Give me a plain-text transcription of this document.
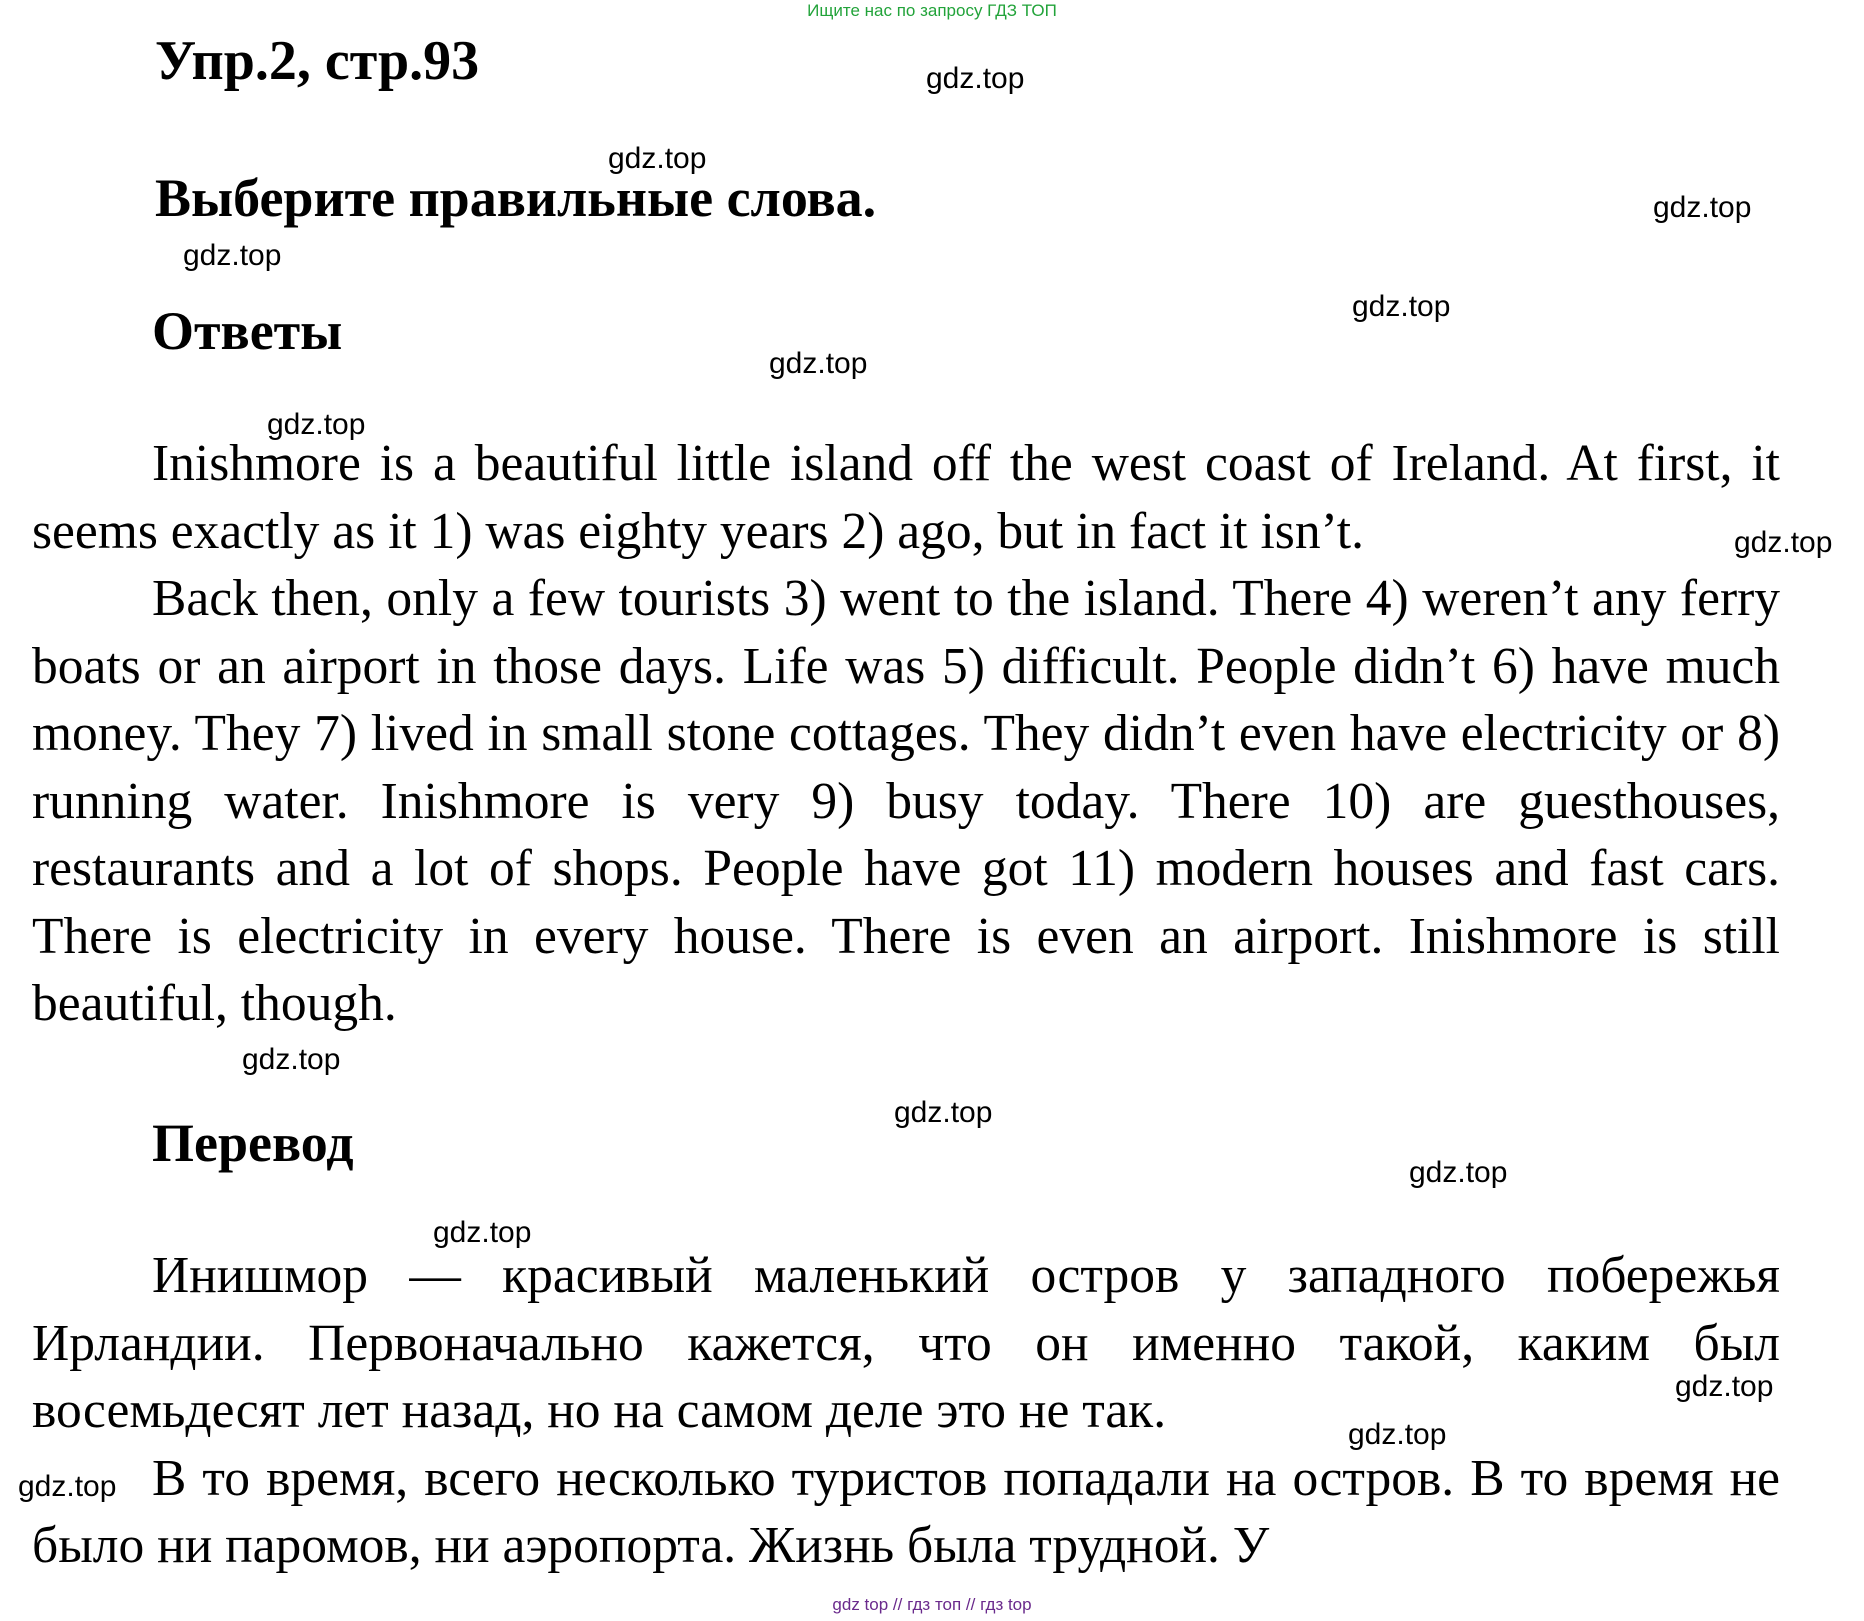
Ищите нас по запросу ГДЗ ТОП
Упр.2, стр.93
Выберите правильные слова.
Ответы

Inishmore is a beautiful little island off the west coast of Ireland. At first, it seems exactly as it 1) was eighty years 2) ago, but in fact it isn’t.

Back then, only a few tourists 3) went to the island. There 4) weren’t any ferry boats or an airport in those days. Life was 5) difficult. People didn’t 6) have much money. They 7) lived in small stone cottages. They didn’t even have electricity or 8) running water. Inishmore is very 9) busy today. There 10) are guesthouses, restaurants and a lot of shops. People have got 11) modern houses and fast cars. There is electricity in every house. There is even an airport. Inishmore is still beautiful, though.

Перевод

Инишмор — красивый маленький остров у западного побережья Ирландии. Первоначально кажется, что он именно такой, каким был восемьдесят лет назад, но на самом деле это не так.

В то время, всего несколько туристов попадали на остров. В то время не было ни паромов, ни аэропорта. Жизнь была трудной. У

gdz.top
gdz.top
gdz.top
gdz.top
gdz.top
gdz.top
gdz.top
gdz.top
gdz.top
gdz.top
gdz.top
gdz.top
gdz.top
gdz.top
gdz.top
gdz top // гдз топ // гдз top
